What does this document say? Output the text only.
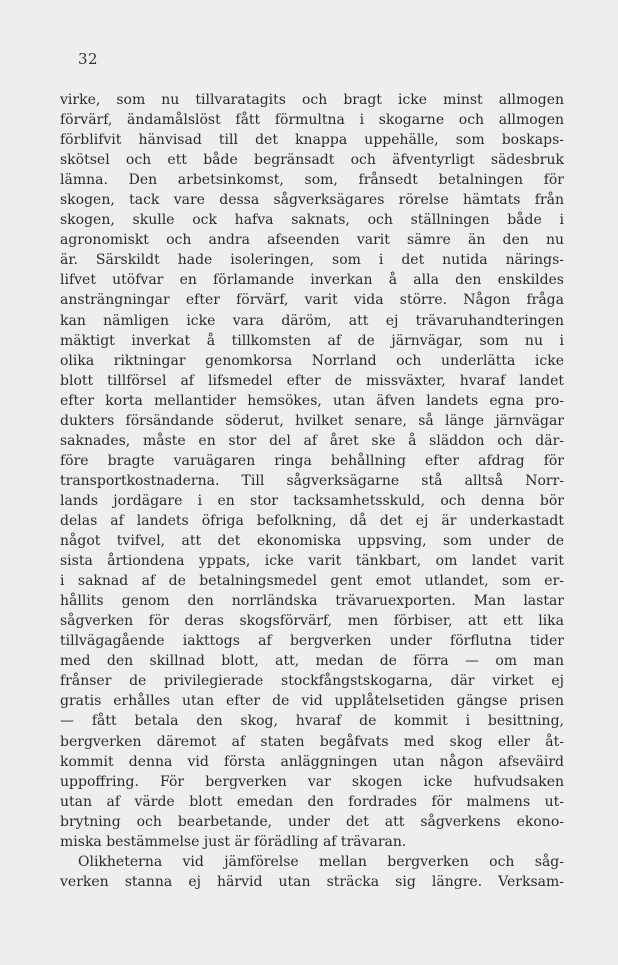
32
virke, som nu tillvaratagits och bragt icke minst allmogen
förvärf, ändamålslöst fått förmultna i skogarne och allmogen
förblifvit hänvisad till det knappa uppehälle, som boskaps-
skötsel och ett både begränsadt och äfventyrligt sädesbruk
lämna. Den arbetsinkomst, som, frånsedt betalningen för
skogen, tack vare dessa sågverksägares rörelse hämtats från
skogen, skulle ock hafva saknats, och ställningen både i
agronomiskt och andra afseenden varit sämre än den nu
är. Särskildt hade isoleringen, som i det nutida närings-
lifvet utöfvar en förlamande inverkan å alla den enskildes
ansträngningar efter förvärf, varit vida större. Någon fråga
kan nämligen icke vara däröm, att ej trävaruhandteringen
mäktigt inverkat å tillkomsten af de järnvägar, som nu i
olika riktningar genomkorsa Norrland och underlätta icke
blott tillförsel af lifsmedel efter de missväxter, hvaraf landet
efter korta mellantider hemsökes, utan äfven landets egna pro-
dukters försändande söderut, hvilket senare, så länge järnvägar
saknades, måste en stor del af året ske å släddon och där-
före bragte varuägaren ringa behållning efter afdrag för
transportkostnaderna. Till sågverksägarne stå alltså Norr-
lands jordägare i en stor tacksamhetsskuld, och denna bör
delas af landets öfriga befolkning, då det ej är underkastadt
något tvifvel, att det ekonomiska uppsving, som under de
sista årtiondena yppats, icke varit tänkbart, om landet varit
i saknad af de betalningsmedel gent emot utlandet, som er-
hållits genom den norrländska trävaruexporten. Man lastar
sågverken för deras skogsförvärf, men förbiser, att ett lika
tillvägagående iakttogs af bergverken under förflutna tider
med den skillnad blott, att, medan de förra — om man
frånser de privilegierade stockfångstskogarna, där virket ej
gratis erhålles utan efter de vid upplåtelsetiden gängse prisen
— fått betala den skog, hvaraf de kommit i besittning,
bergverken däremot af staten begåfvats med skog eller åt-
kommit denna vid första anläggningen utan någon afseväird
uppoffring. För bergverken var skogen icke hufvudsaken
utan af värde blott emedan den fordrades för malmens ut-
brytning och bearbetande, under det att sågverkens ekono-
miska bestämmelse just är förädling af trävaran.
Olikheterna vid jämförelse mellan bergverken och såg-
verken stanna ej härvid utan sträcka sig längre. Verksam-
